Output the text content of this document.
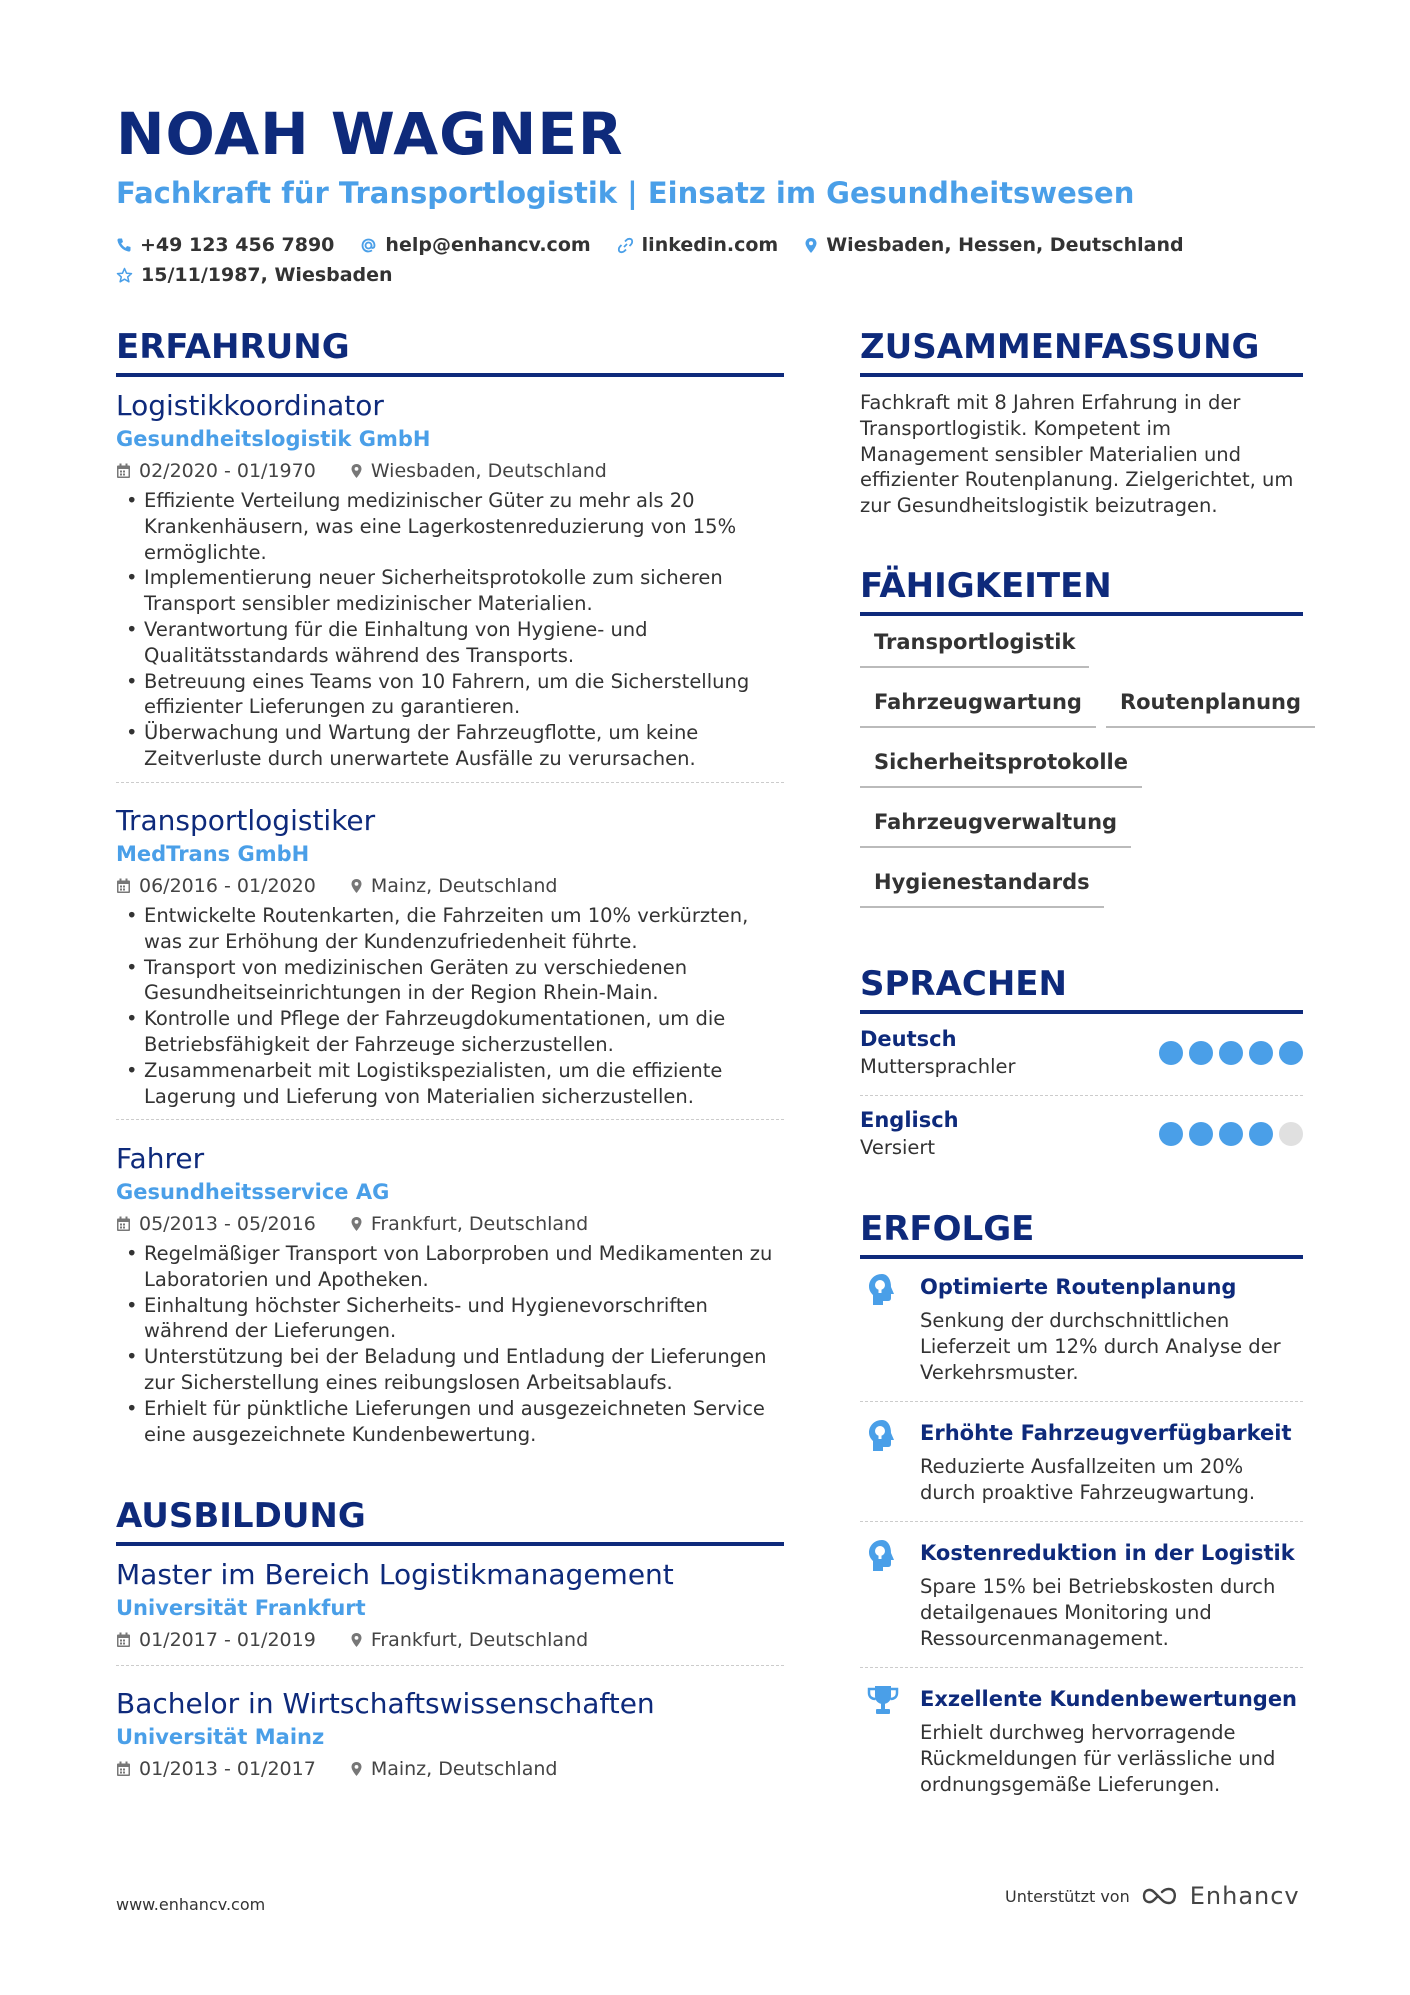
NOAH WAGNER
Fachkraft für Transportlogistik | Einsatz im Gesundheitswesen
+49 123 456 7890	help@enhancv.com	linkedin.com	Wiesbaden, Hessen, Deutschland
15/11/1987, Wiesbaden
ERFAHRUNG
Logistikkoordinator
Gesundheitslogistik GmbH
02/2020 - 01/1970	Wiesbaden, Deutschland
• Effiziente Verteilung medizinischer Güter zu mehr als 20 Krankenhäusern, was eine Lagerkostenreduzierung von 15% ermöglichte.
• Implementierung neuer Sicherheitsprotokolle zum sicheren Transport sensibler medizinischer Materialien.
• Verantwortung für die Einhaltung von Hygiene- und Qualitätsstandards während des Transports.
• Betreuung eines Teams von 10 Fahrern, um die Sicherstellung effizienter Lieferungen zu garantieren.
• Überwachung und Wartung der Fahrzeugflotte, um keine Zeitverluste durch unerwartete Ausfälle zu verursachen.
Transportlogistiker
MedTrans GmbH
06/2016 - 01/2020	Mainz, Deutschland
• Entwickelte Routenkarten, die Fahrzeiten um 10% verkürzten, was zur Erhöhung der Kundenzufriedenheit führte.
• Transport von medizinischen Geräten zu verschiedenen Gesundheitseinrichtungen in der Region Rhein-Main.
• Kontrolle und Pflege der Fahrzeugdokumentationen, um die Betriebsfähigkeit der Fahrzeuge sicherzustellen.
• Zusammenarbeit mit Logistikspezialisten, um die effiziente Lagerung und Lieferung von Materialien sicherzustellen.
Fahrer
Gesundheitsservice AG
05/2013 - 05/2016	Frankfurt, Deutschland
• Regelmäßiger Transport von Laborproben und Medikamenten zu Laboratorien und Apotheken.
• Einhaltung höchster Sicherheits- und Hygienevorschriften während der Lieferungen.
• Unterstützung bei der Beladung und Entladung der Lieferungen zur Sicherstellung eines reibungslosen Arbeitsablaufs.
• Erhielt für pünktliche Lieferungen und ausgezeichneten Service eine ausgezeichnete Kundenbewertung.
AUSBILDUNG
Master im Bereich Logistikmanagement
Universität Frankfurt
01/2017 - 01/2019	Frankfurt, Deutschland
Bachelor in Wirtschaftswissenschaften
Universität Mainz
01/2013 - 01/2017	Mainz, Deutschland
ZUSAMMENFASSUNG
Fachkraft mit 8 Jahren Erfahrung in der Transportlogistik. Kompetent im Management sensibler Materialien und effizienter Routenplanung. Zielgerichtet, um zur Gesundheitslogistik beizutragen.
FÄHIGKEITEN
Transportlogistik
Fahrzeugwartung	Routenplanung
Sicherheitsprotokolle
Fahrzeugverwaltung
Hygienestandards
SPRACHEN
Deutsch
Muttersprachler
Englisch
Versiert
ERFOLGE
Optimierte Routenplanung
Senkung der durchschnittlichen Lieferzeit um 12% durch Analyse der Verkehrsmuster.
Erhöhte Fahrzeugverfügbarkeit
Reduzierte Ausfallzeiten um 20% durch proaktive Fahrzeugwartung.
Kostenreduktion in der Logistik
Spare 15% bei Betriebskosten durch detailgenaues Monitoring und Ressourcenmanagement.
Exzellente Kundenbewertungen
Erhielt durchweg hervorragende Rückmeldungen für verlässliche und ordnungsgemäße Lieferungen.
www.enhancv.com	Unterstützt von	Enhancv
